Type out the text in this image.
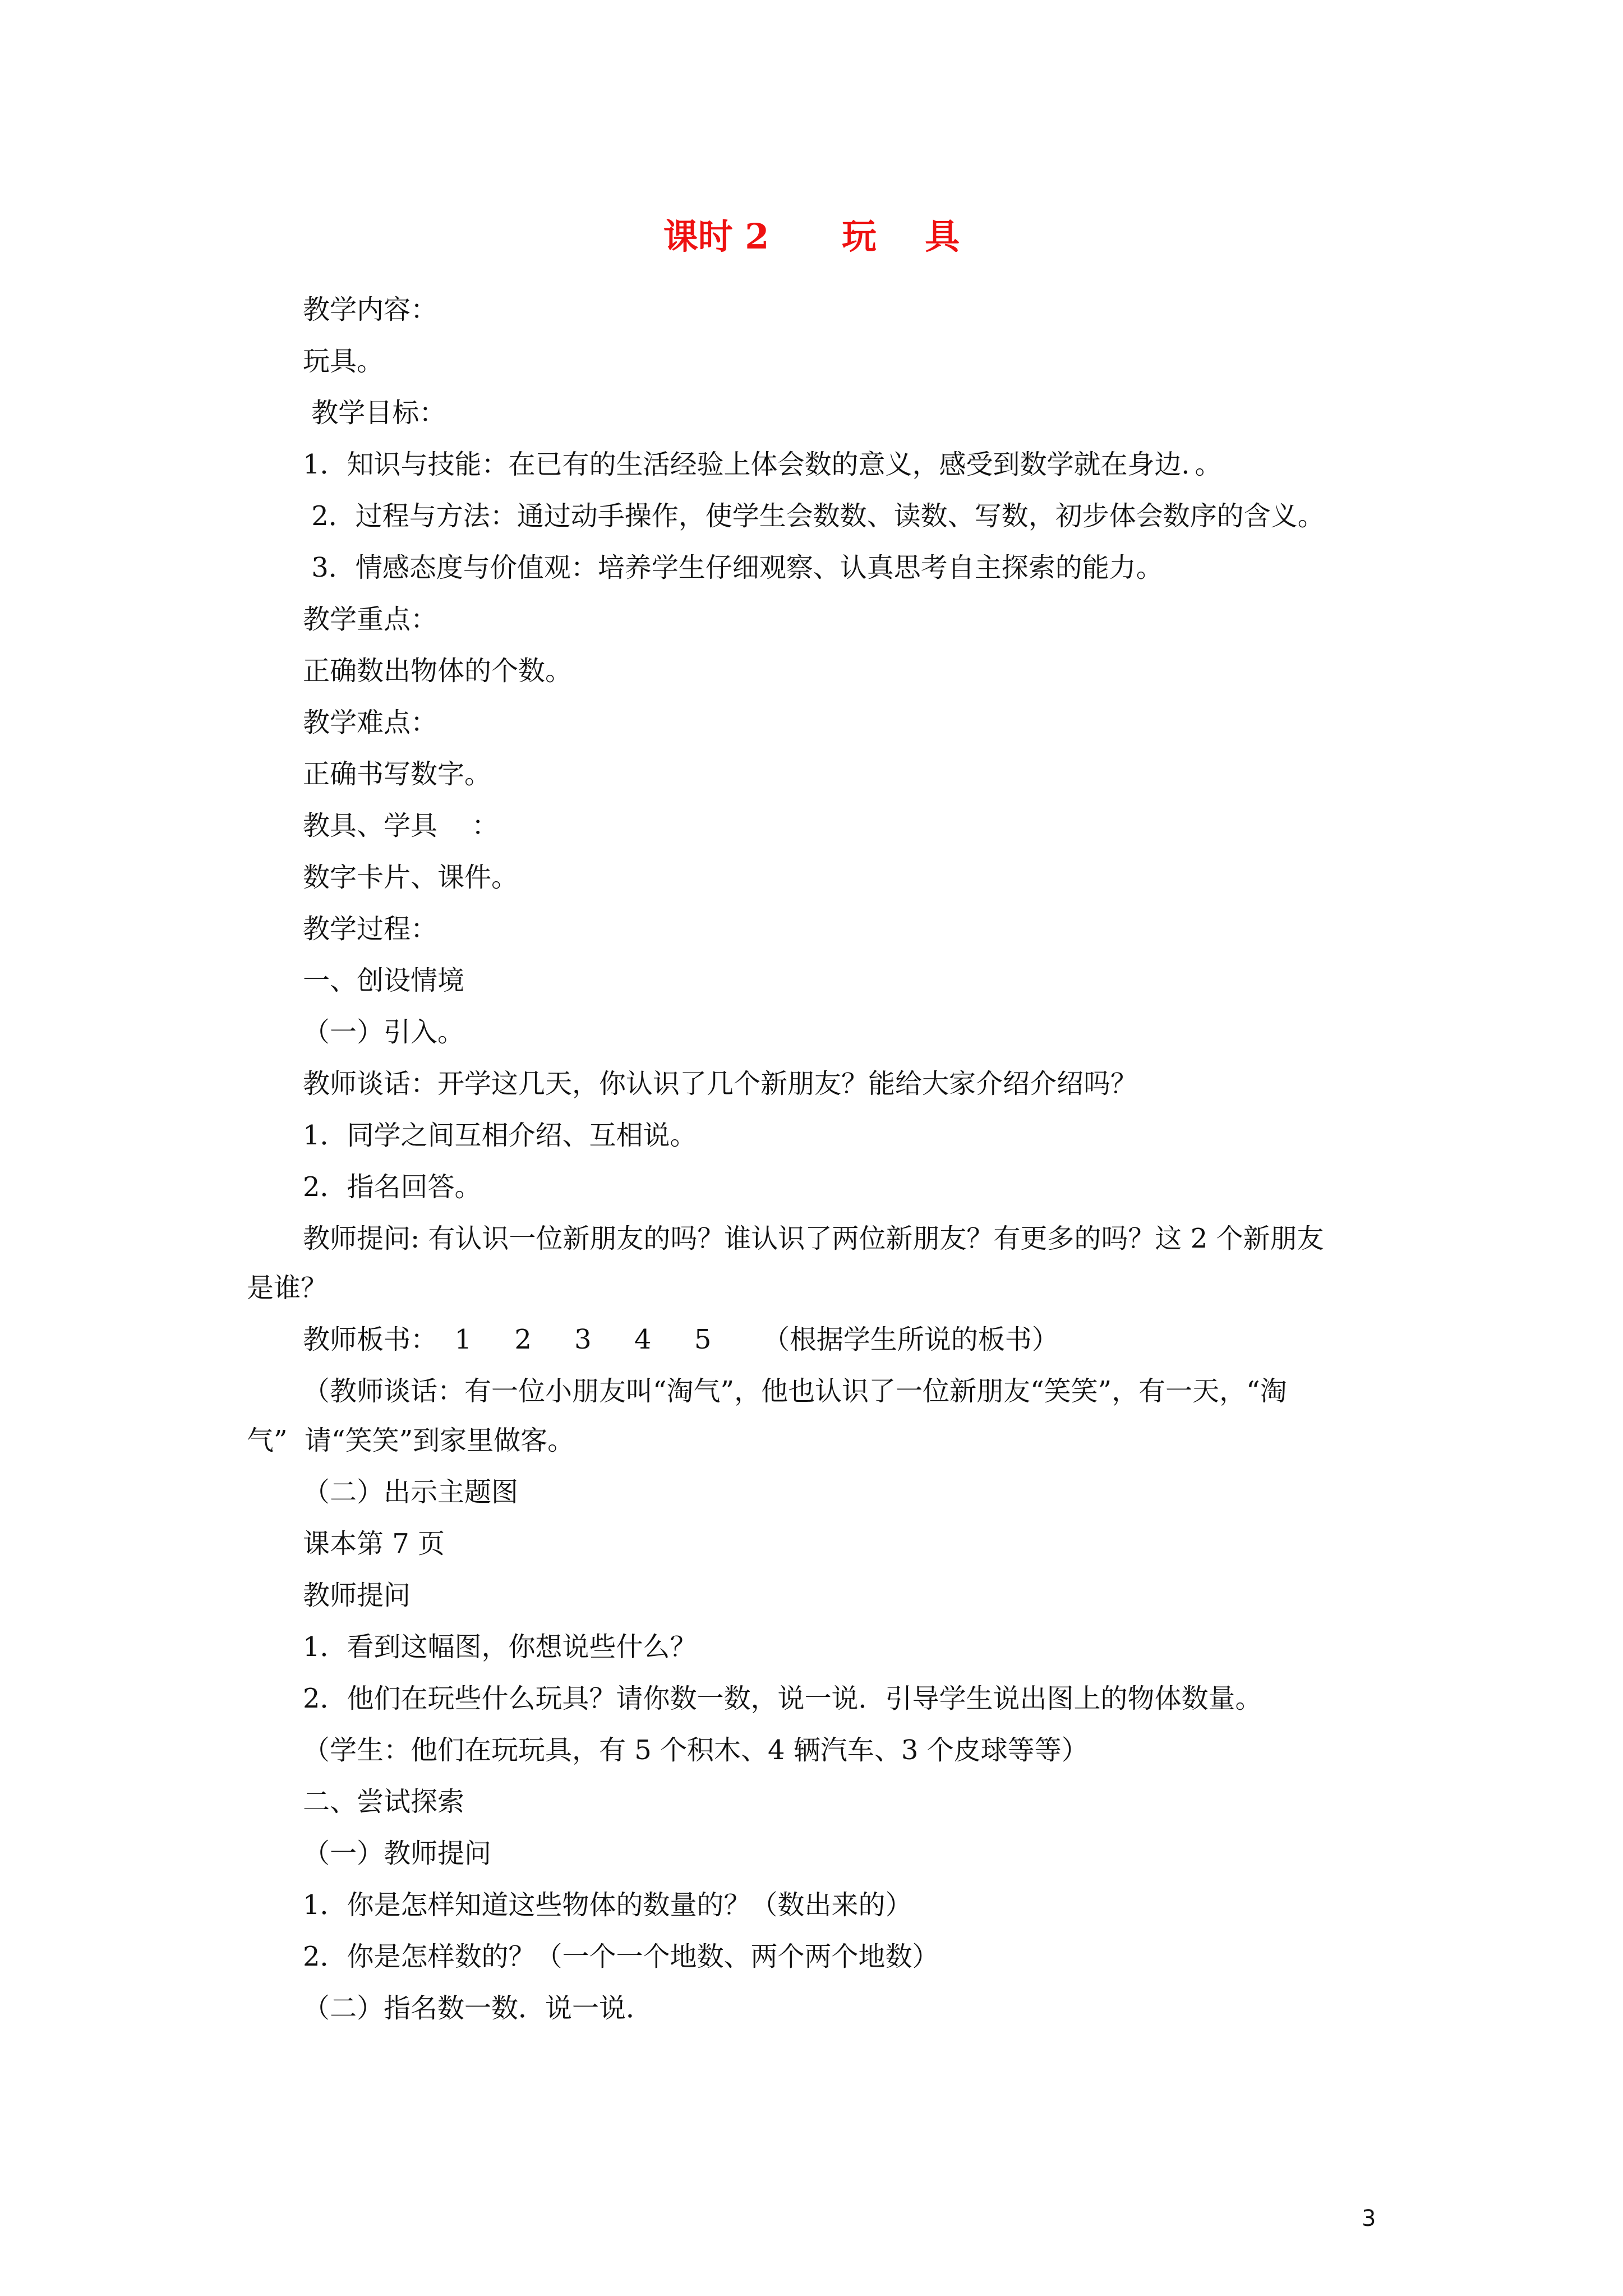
课时 2      玩    具
教学内容：
玩具。
教学目标：
1．知识与技能：在已有的生活经验上体会数的意义，感受到数学就在身边．。
2．过程与方法：通过动手操作，使学生会数数、读数、写数，初步体会数序的含义。
3．情感态度与价值观：培养学生仔细观察、认真思考自主探索的能力。
教学重点：
正确数出物体的个数。
教学难点：
正确书写数字。
教具、学具    ：
数字卡片、课件。
教学过程：
一、创设情境
（一）引入。
教师谈话：开学这几天，你认识了几个新朋友？能给大家介绍介绍吗？
1．同学之间互相介绍、互相说。
2．指名回答。
教师提问: 有认识一位新朋友的吗？谁认识了两位新朋友？有更多的吗？这 2 个新朋友
是谁？
教师板书：  1     2     3     4     5      （根据学生所说的板书）
（教师谈话：有一位小朋友叫“淘气”，他也认识了一位新朋友“笑笑”，有一天，“淘
气”  请“笑笑”到家里做客。
（二）出示主题图
课本第 7 页
教师提问
1．看到这幅图，你想说些什么？
2．他们在玩些什么玩具？请你数一数，说一说．引导学生说出图上的物体数量。
（学生：他们在玩玩具，有 5 个积木、4 辆汽车、3 个皮球等等）
二、尝试探索
（一）教师提问
1．你是怎样知道这些物体的数量的？（数出来的）
2．你是怎样数的？（一个一个地数、两个两个地数）
（二）指名数一数．说一说．
3
